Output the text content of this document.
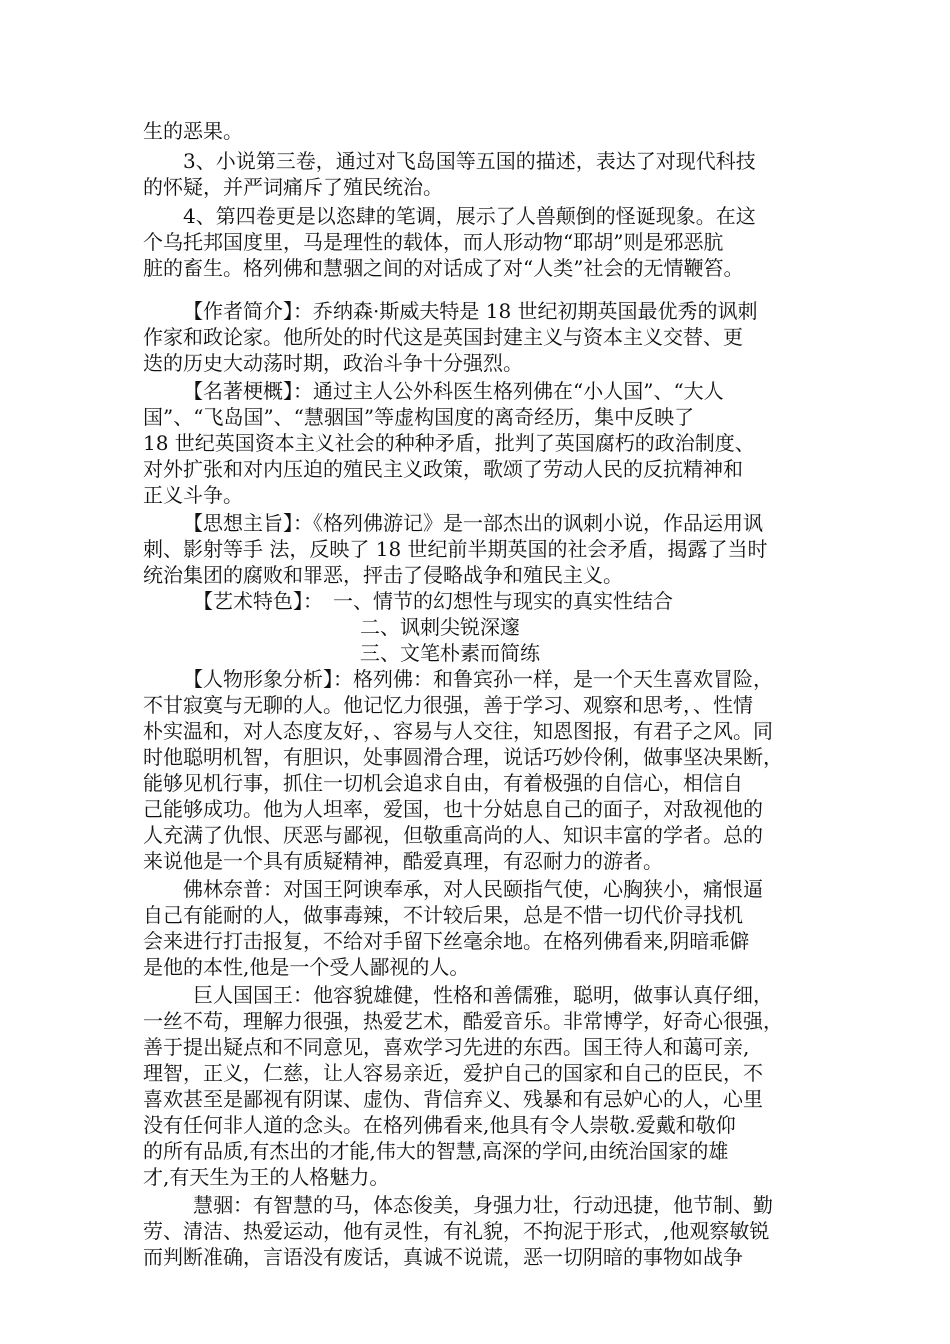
生的恶果。
3、小说第三卷，通过对飞岛国等五国的描述，表达了对现代科技
的怀疑，并严词痛斥了殖民统治。
4、第四卷更是以恣肆的笔调，展示了人兽颠倒的怪诞现象。在这
个乌托邦国度里，马是理性的载体，而人形动物“耶胡”则是邪恶肮
脏的畜生。格列佛和慧骃之间的对话成了对“人类”社会的无情鞭笞。
【作者简介】：乔纳森·斯威夫特是 18 世纪初期英国最优秀的讽刺
作家和政论家。他所处的时代这是英国封建主义与资本主义交替、更
迭的历史大动荡时期，政治斗争十分强烈。
【名著梗概】：通过主人公外科医生格列佛在“小人国”、“大人
国”、“飞岛国”、“慧骃国”等虚构国度的离奇经历，集中反映了
18 世纪英国资本主义社会的种种矛盾，批判了英国腐朽的政治制度、
对外扩张和对内压迫的殖民主义政策，歌颂了劳动人民的反抗精神和
正义斗争。
【思想主旨】：《格列佛游记》是一部杰出的讽刺小说，作品运用讽
刺、影射等手 法，反映了 18 世纪前半期英国的社会矛盾，揭露了当时
统治集团的腐败和罪恶，抨击了侵略战争和殖民主义。
【艺术特色】：　一、情节的幻想性与现实的真实性结合
二、讽刺尖锐深邃
三、文笔朴素而简练
【人物形象分析】：格列佛：和鲁宾孙一样，是一个天生喜欢冒险，
不甘寂寞与无聊的人。他记忆力很强，善于学习、观察和思考，、性情
朴实温和，对人态度友好，、容易与人交往，知恩图报，有君子之风。同
时他聪明机智，有胆识，处事圆滑合理，说话巧妙伶俐，做事坚决果断，
能够见机行事，抓住一切机会追求自由，有着极强的自信心，相信自
己能够成功。他为人坦率，爱国，也十分姑息自己的面子，对敌视他的
人充满了仇恨、厌恶与鄙视，但敬重高尚的人、知识丰富的学者。总的
来说他是一个具有质疑精神，酷爱真理，有忍耐力的游者。
佛林奈普：对国王阿谀奉承，对人民颐指气使，心胸狭小，痛恨逼
自己有能耐的人，做事毒辣，不计较后果，总是不惜一切代价寻找机
会来进行打击报复，不给对手留下丝毫余地。在格列佛看来,阴暗乖僻
是他的本性,他是一个受人鄙视的人。
巨人国国王：他容貌雄健，性格和善儒雅，聪明，做事认真仔细，
一丝不苟，理解力很强，热爱艺术，酷爱音乐。非常博学，好奇心很强，
善于提出疑点和不同意见，喜欢学习先进的东西。国王待人和蔼可亲,
理智，正义，仁慈，让人容易亲近，爱护自己的国家和自己的臣民，不
喜欢甚至是鄙视有阴谋、虚伪、背信弃义、残暴和有忌妒心的人，心里
没有任何非人道的念头。在格列佛看来,他具有令人崇敬.爱戴和敬仰
的所有品质,有杰出的才能,伟大的智慧,高深的学问,由统治国家的雄
才,有天生为王的人格魅力。
慧骃：有智慧的马，体态俊美，身强力壮，行动迅捷，他节制、勤
劳、清洁、热爱运动，他有灵性，有礼貌，不拘泥于形式，,他观察敏锐
而判断准确，言语没有废话，真诚不说谎，恶一切阴暗的事物如战争
